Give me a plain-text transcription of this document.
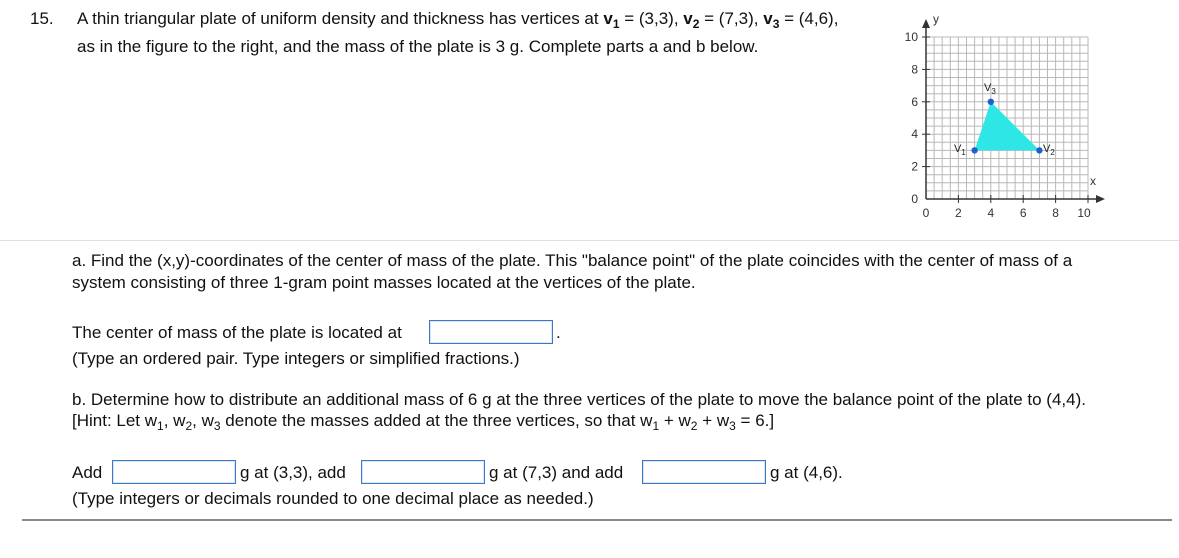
15. A thin triangular plate of uniform density and thickness has vertices at $v_1 = (3,3)$, $v_2 = (7,3)$, $v_3 = (4,6)$,
as in the figure to the right, and the mass of the plate is 3 g. Complete parts a and b below.
0 2 4 6 8 10
0
2
4
6
8
10
y
x
$V_1$	$V_2$
$V_3$
a. Find the (x,y)-coordinates of the center of mass of the plate. This "balance point" of the plate coincides with the center of mass of a
system consisting of three 1-gram point masses located at the vertices of the plate.
The center of mass of the plate is located at	.
(Type an ordered pair. Type integers or simplified fractions.)
b. Determine how to distribute an additional mass of 6 g at the three vertices of the plate to move the balance point of the plate to (4,4).
[Hint: Let $w_1$, $w_2$, $w_3$ denote the masses added at the three vertices, so that $w_1 + w_2 + w_3 = 6$.]
Add	g at (3,3), add	g at (7,3) and add	g at (4,6).
(Type integers or decimals rounded to one decimal place as needed.)
